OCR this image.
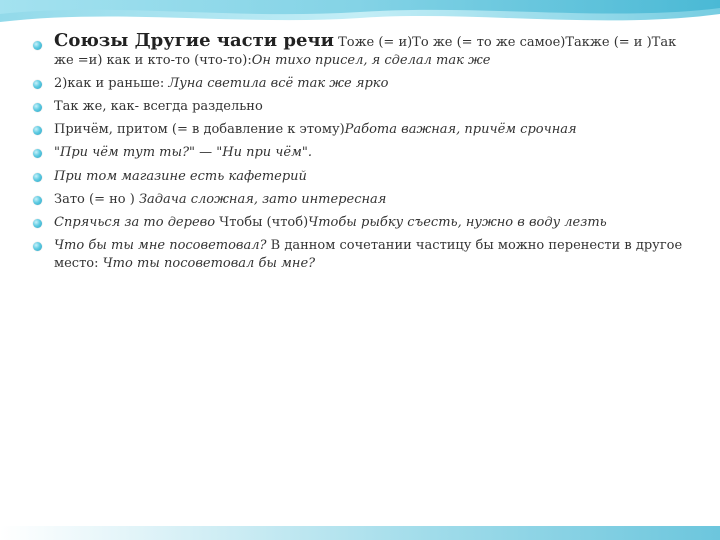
Союзы Другие части речи Тоже (= и)То же (= то же самое)Также (= и )Так же =и) как и кто-то (что-то):Он тихо присел, я сделал так же
2)как и раньше: Луна светила всё так же ярко
Так же, как- всегда раздельно
Причём, притом (= в добавление к этому)Работа важная, причём срочная
"При чём тут ты?" — "Ни при чём".
При том магазине есть кафетерий
Зато (= но ) Задача сложная, зато интересная
Спрячься за то дерево Чтобы (чтоб)Чтобы рыбку съесть, нужно в воду лезть
Что бы ты мне посоветовал? В данном сочетании частицу бы можно перенести в другое место: Что ты посоветовал бы мне?
